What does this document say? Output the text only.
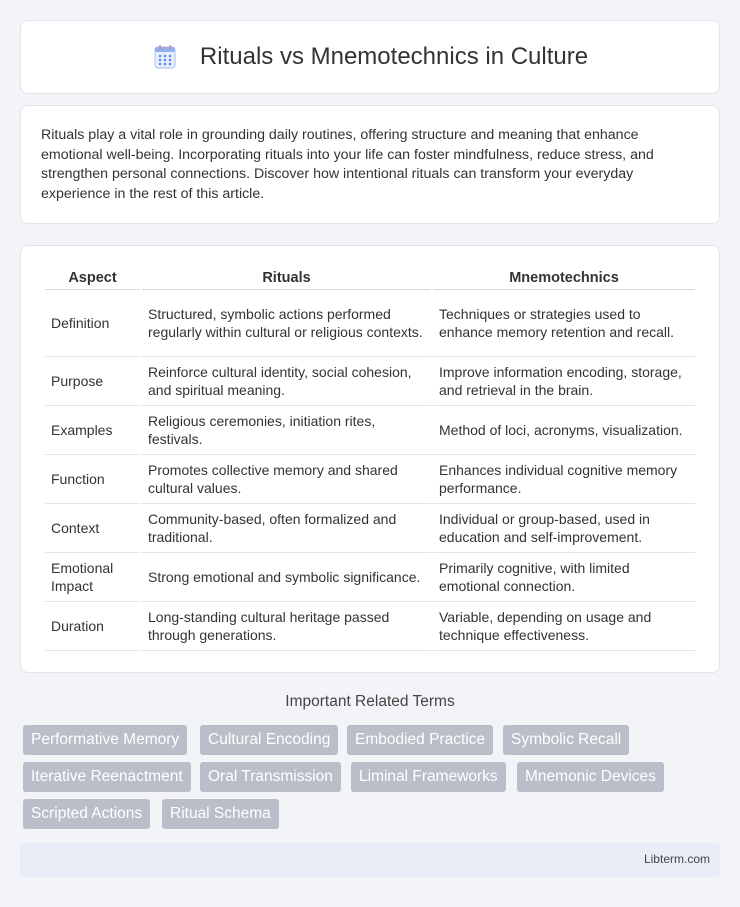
Rituals vs Mnemotechnics in Culture

Rituals play a vital role in grounding daily routines, offering structure and meaning that enhance emotional well-being. Incorporating rituals into your life can foster mindfulness, reduce stress, and strengthen personal connections. Discover how intentional rituals can transform your everyday experience in the rest of this article.

Aspect	Rituals	Mnemotechnics
Definition	Structured, symbolic actions performed regularly within cultural or religious contexts.	Techniques or strategies used to enhance memory retention and recall.
Purpose	Reinforce cultural identity, social cohesion, and spiritual meaning.	Improve information encoding, storage, and retrieval in the brain.
Examples	Religious ceremonies, initiation rites, festivals.	Method of loci, acronyms, visualization.
Function	Promotes collective memory and shared cultural values.	Enhances individual cognitive memory performance.
Context	Community-based, often formalized and traditional.	Individual or group-based, used in education and self-improvement.
Emotional Impact	Strong emotional and symbolic significance.	Primarily cognitive, with limited emotional connection.
Duration	Long-standing cultural heritage passed through generations.	Variable, depending on usage and technique effectiveness.
Important Related Terms
Performative Memory	Cultural Encoding	Embodied Practice	Symbolic Recall
Iterative Reenactment	Oral Transmission	Liminal Frameworks	Mnemonic Devices
Scripted Actions	Ritual Schema
Libterm.com
